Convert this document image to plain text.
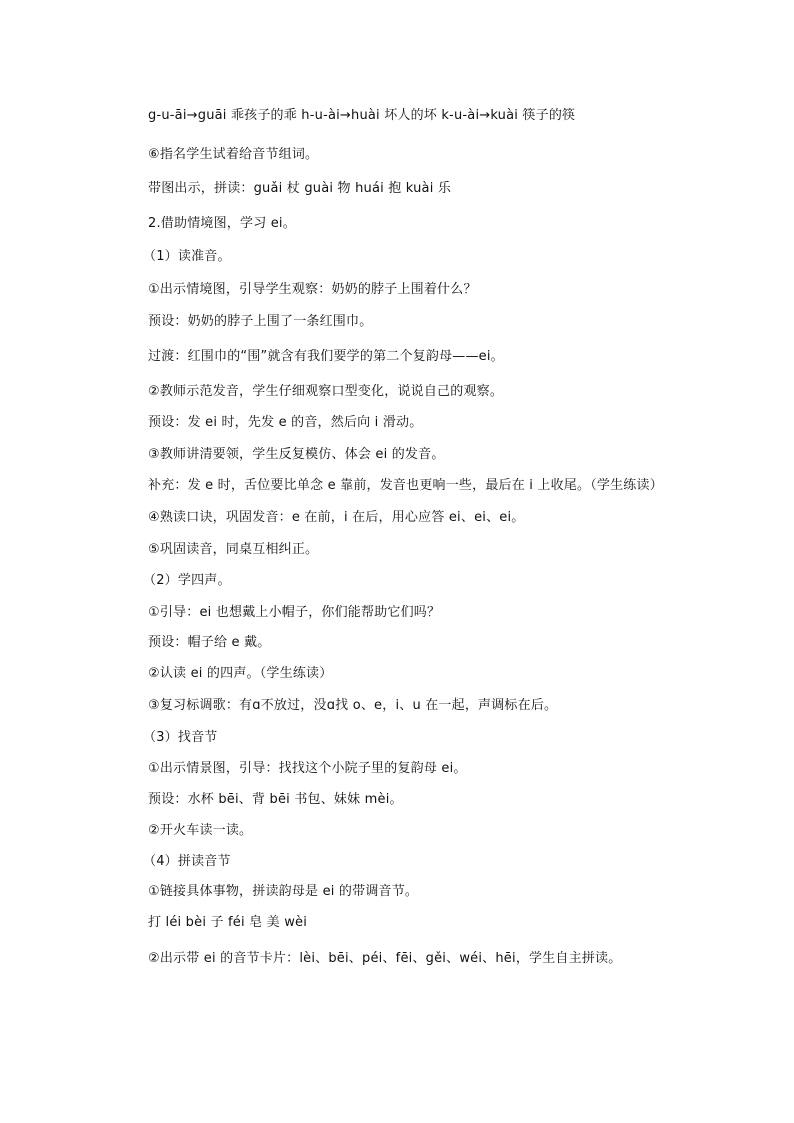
g-u-āi→guāi 乖孩子的乖 h-u-ài→huài 坏人的坏 k-u-ài→kuài 筷子的筷
⑥指名学生试着给音节组词。
带图出示，拼读：guǎi 杖 guài 物 huái 抱 kuài 乐
2.借助情境图，学习 ei。
（1）读准音。
①出示情境图，引导学生观察：奶奶的脖子上围着什么？
预设：奶奶的脖子上围了一条红围巾。
过渡：红围巾的“围”就含有我们要学的第二个复韵母——ei。
②教师示范发音，学生仔细观察口型变化，说说自己的观察。
预设：发 ei 时，先发 e 的音，然后向 i 滑动。
③教师讲清要领，学生反复模仿、体会 ei 的发音。
补充：发 e 时，舌位要比单念 e 靠前，发音也更响一些，最后在 i 上收尾。（学生练读）
④熟读口诀，巩固发音：e 在前，i 在后，用心应答 ei、ei、ei。
⑤巩固读音，同桌互相纠正。
（2）学四声。
①引导：ei 也想戴上小帽子，你们能帮助它们吗？
预设：帽子给 e 戴。
②认读 ei 的四声。（学生练读）
③复习标调歌：有ɑ不放过，没ɑ找 o、e，i、u 在一起，声调标在后。
（3）找音节
①出示情景图，引导：找找这个小院子里的复韵母 ei。
预设：水杯 bēi、背 bēi 书包、妹妹 mèi。
②开火车读一读。
（4）拼读音节
①链接具体事物，拼读韵母是 ei 的带调音节。
打 léi bèi 子 féi 皂 美 wèi
②出示带 ei 的音节卡片：lèi、bēi、péi、fēi、gěi、wéi、hēi，学生自主拼读。
